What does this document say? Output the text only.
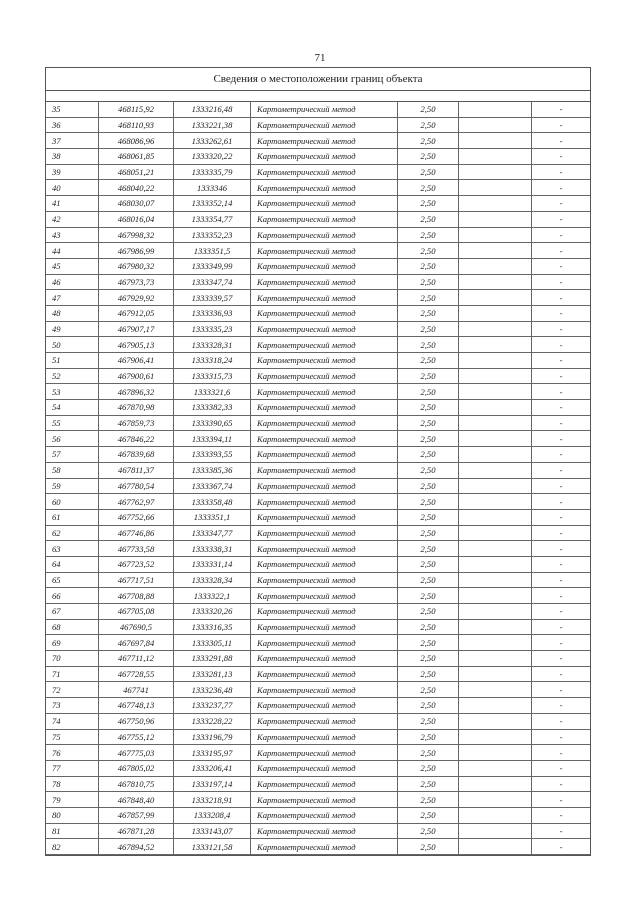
71
Сведения о местоположении границ объекта
35	468115,92	1333216,48	Картометрический метод	2,50		-
36	468110,93	1333221,38	Картометрический метод	2,50		-
37	468086,96	1333262,61	Картометрический метод	2,50		-
38	468061,85	1333320,22	Картометрический метод	2,50		-
39	468051,21	1333335,79	Картометрический метод	2,50		-
40	468040,22	1333346	Картометрический метод	2,50		-
41	468030,07	1333352,14	Картометрический метод	2,50		-
42	468016,04	1333354,77	Картометрический метод	2,50		-
43	467998,32	1333352,23	Картометрический метод	2,50		-
44	467986,99	1333351,5	Картометрический метод	2,50		-
45	467980,32	1333349,99	Картометрический метод	2,50		-
46	467973,73	1333347,74	Картометрический метод	2,50		-
47	467929,92	1333339,57	Картометрический метод	2,50		-
48	467912,05	1333336,93	Картометрический метод	2,50		-
49	467907,17	1333335,23	Картометрический метод	2,50		-
50	467905,13	1333328,31	Картометрический метод	2,50		-
51	467906,41	1333318,24	Картометрический метод	2,50		-
52	467900,61	1333315,73	Картометрический метод	2,50		-
53	467896,32	1333321,6	Картометрический метод	2,50		-
54	467870,98	1333382,33	Картометрический метод	2,50		-
55	467859,73	1333390,65	Картометрический метод	2,50		-
56	467846,22	1333394,11	Картометрический метод	2,50		-
57	467839,68	1333393,55	Картометрический метод	2,50		-
58	467811,37	1333385,36	Картометрический метод	2,50		-
59	467780,54	1333367,74	Картометрический метод	2,50		-
60	467762,97	1333358,48	Картометрический метод	2,50		-
61	467752,66	1333351,1	Картометрический метод	2,50		-
62	467746,86	1333347,77	Картометрический метод	2,50		-
63	467733,58	1333338,31	Картометрический метод	2,50		-
64	467723,52	1333331,14	Картометрический метод	2,50		-
65	467717,51	1333328,34	Картометрический метод	2,50		-
66	467708,88	1333322,1	Картометрический метод	2,50		-
67	467705,08	1333320,26	Картометрический метод	2,50		-
68	467690,5	1333316,35	Картометрический метод	2,50		-
69	467697,84	1333305,11	Картометрический метод	2,50		-
70	467711,12	1333291,88	Картометрический метод	2,50		-
71	467728,55	1333281,13	Картометрический метод	2,50		-
72	467741	1333236,48	Картометрический метод	2,50		-
73	467748,13	1333237,77	Картометрический метод	2,50		-
74	467750,96	1333228,22	Картометрический метод	2,50		-
75	467755,12	1333196,79	Картометрический метод	2,50		-
76	467775,03	1333195,97	Картометрический метод	2,50		-
77	467805,02	1333206,41	Картометрический метод	2,50		-
78	467810,75	1333197,14	Картометрический метод	2,50		-
79	467848,40	1333218,91	Картометрический метод	2,50		-
80	467857,99	1333208,4	Картометрический метод	2,50		-
81	467871,28	1333143,07	Картометрический метод	2,50		-
82	467894,52	1333121,58	Картометрический метод	2,50		-
